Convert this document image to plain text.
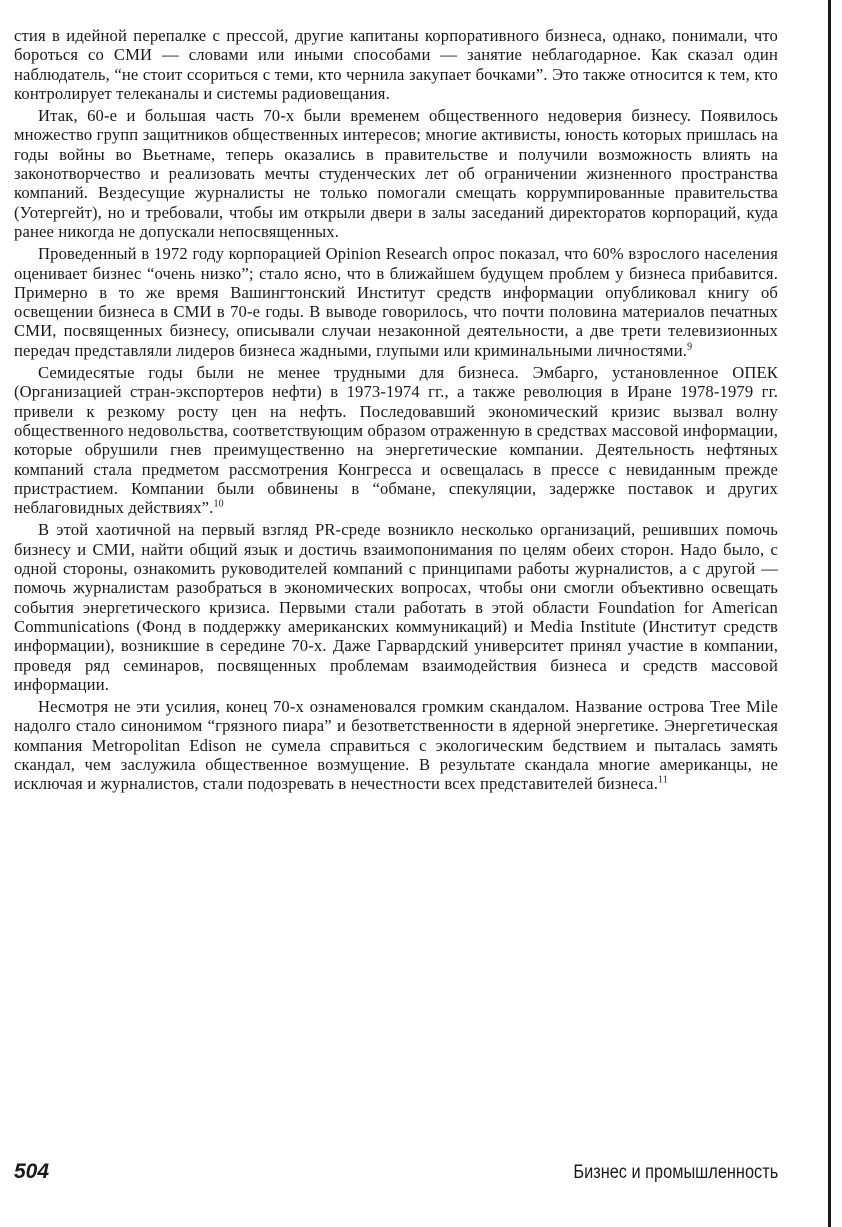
стия в идейной перепалке с прессой, другие капитаны корпоративного бизнеса, однако, понимали, что бороться со СМИ — словами или иными способами — занятие неблагодарное. Как сказал один наблюдатель, “не стоит ссориться с теми, кто чернила закупает бочками”. Это также относится к тем, кто контролирует телеканалы и системы радиовещания.

Итак, 60-е и большая часть 70-х были временем общественного недоверия бизнесу. Появилось множество групп защитников общественных интересов; многие активисты, юность которых пришлась на годы войны во Вьетнаме, теперь оказались в правительстве и получили возможность влиять на законотворчество и реализовать мечты студенческих лет об ограничении жизненного пространства компаний. Вездесущие журналисты не только помогали смещать коррумпированные правительства (Уотергейт), но и требовали, чтобы им открыли двери в залы заседаний директоратов корпораций, куда ранее никогда не допускали непосвященных.

Проведенный в 1972 году корпорацией Opinion Research опрос показал, что 60% взрослого населения оценивает бизнес “очень низко”; стало ясно, что в ближайшем будущем проблем у бизнеса прибавится. Примерно в то же время Вашингтонский Институт средств информации опубликовал книгу об освещении бизнеса в СМИ в 70-е годы. В выводе говорилось, что почти половина материалов печатных СМИ, посвященных бизнесу, описывали случаи незаконной деятельности, а две трети телевизионных передач представляли лидеров бизнеса жадными, глупыми или криминальными личностями.$^9$

Семидесятые годы были не менее трудными для бизнеса. Эмбарго, установленное ОПЕК (Организацией стран-экспортеров нефти) в 1973-1974 гг., а также революция в Иране 1978-1979 гг. привели к резкому росту цен на нефть. Последовавший экономический кризис вызвал волну общественного недовольства, соответствующим образом отраженную в средствах массовой информации, которые обрушили гнев преимущественно на энергетические компании. Деятельность нефтяных компаний стала предметом рассмотрения Конгресса и освещалась в прессе с невиданным прежде пристрастием. Компании были обвинены в “обмане, спекуляции, задержке поставок и других неблаговидных действиях”.$^{10}$

В этой хаотичной на первый взгляд PR-среде возникло несколько организаций, решивших помочь бизнесу и СМИ, найти общий язык и достичь взаимопонимания по целям обеих сторон. Надо было, с одной стороны, ознакомить руководителей компаний с принципами работы журналистов, а с другой — помочь журналистам разобраться в экономических вопросах, чтобы они смогли объективно освещать события энергетического кризиса. Первыми стали работать в этой области Foundation for American Communications (Фонд в поддержку американских коммуникаций) и Media Institute (Институт средств информации), возникшие в середине 70-х. Даже Гарвардский университет принял участие в компании, проведя ряд семинаров, посвященных проблемам взаимодействия бизнеса и средств массовой информации.

Несмотря не эти усилия, конец 70-х ознаменовался громким скандалом. Название острова Tree Mile надолго стало синонимом “грязного пиара” и безответственности в ядерной энергетике. Энергетическая компания Metropolitan Edison не сумела справиться с экологическим бедствием и пыталась замять скандал, чем заслужила общественное возмущение. В результате скандала многие американцы, не исключая и журналистов, стали подозревать в нечестности всех представителей бизнеса.$^{11}$

504	Бизнес и промышленность
